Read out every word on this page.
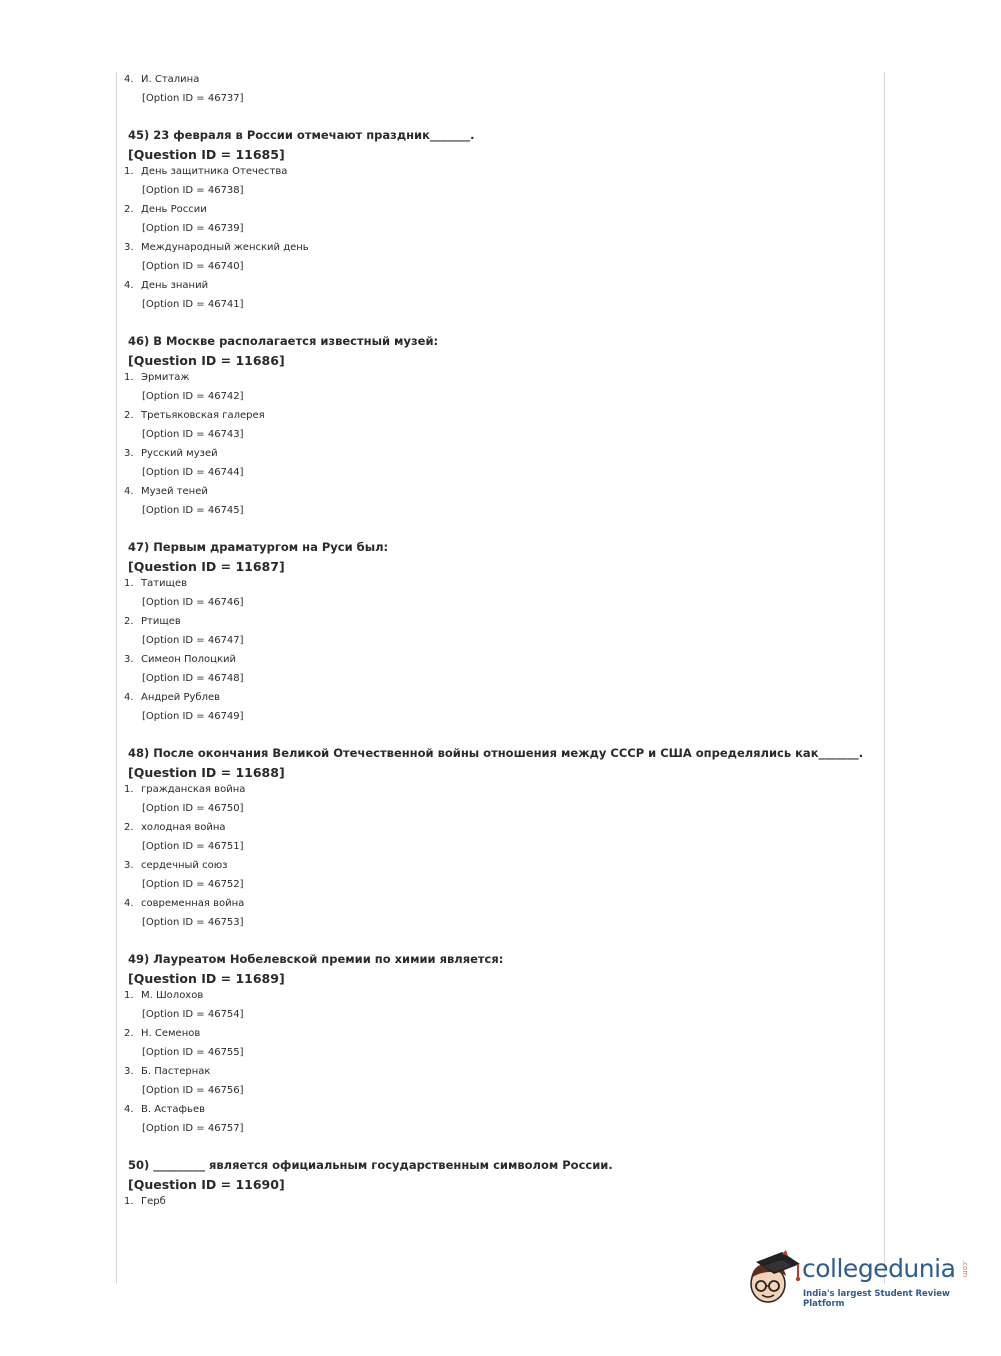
4. И. Сталина

[Option ID = 46737]

45) 23 февраля в России отмечают праздник_______.

[Question ID = 11685]

1. День защитника Отечества

[Option ID = 46738]

2. День России

[Option ID = 46739]

3. Международный женский день

[Option ID = 46740]

4. День знаний

[Option ID = 46741]

46) В Москве располагается известный музей:

[Question ID = 11686]

1. Эрмитаж

[Option ID = 46742]

2. Третьяковская галерея

[Option ID = 46743]

3. Русский музей

[Option ID = 46744]

4. Музей теней

[Option ID = 46745]

47) Первым драматургом на Руси был:

[Question ID = 11687]

1. Татищев

[Option ID = 46746]

2. Ртищев

[Option ID = 46747]

3. Симеон Полоцкий

[Option ID = 46748]

4. Андрей Рублев

[Option ID = 46749]

48) После окончания Великой Отечественной войны отношения между СССР и США определялись как_______.

[Question ID = 11688]

1. гражданская война

[Option ID = 46750]

2. холодная война

[Option ID = 46751]

3. сердечный союз

[Option ID = 46752]

4. современная война

[Option ID = 46753]

49) Лауреатом Нобелевской премии по химии является:

[Question ID = 11689]

1. М. Шолохов

[Option ID = 46754]

2. Н. Семенов

[Option ID = 46755]

3. Б. Пастернак

[Option ID = 46756]

4. В. Астафьев

[Option ID = 46757]

50) _________ является официальным государственным символом России.

[Question ID = 11690]

1. Герб

collegedunia .com
India's largest Student Review Platform
